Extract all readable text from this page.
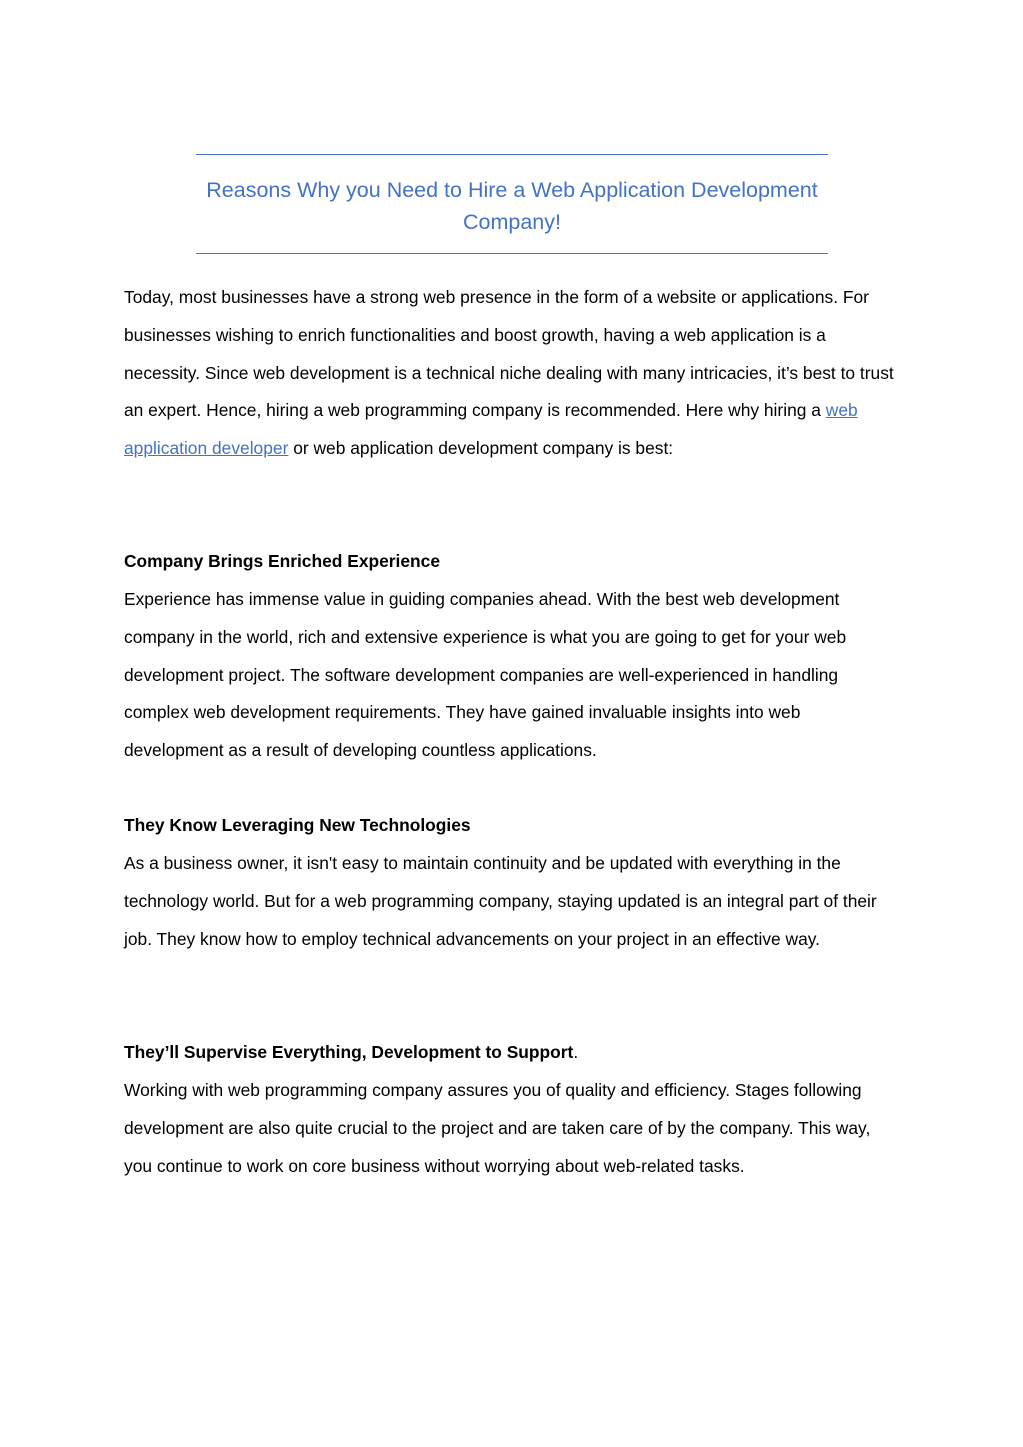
Reasons Why you Need to Hire a Web Application Development Company!

Today, most businesses have a strong web presence in the form of a website or applications. For businesses wishing to enrich functionalities and boost growth, having a web application is a necessity. Since web development is a technical niche dealing with many intricacies, it’s best to trust an expert. Hence, hiring a web programming company is recommended. Here why hiring a web application developer or web application development company is best:

Company Brings Enriched Experience

Experience has immense value in guiding companies ahead. With the best web development company in the world, rich and extensive experience is what you are going to get for your web development project. The software development companies are well-experienced in handling complex web development requirements. They have gained invaluable insights into web development as a result of developing countless applications.

They Know Leveraging New Technologies

As a business owner, it isn't easy to maintain continuity and be updated with everything in the technology world. But for a web programming company, staying updated is an integral part of their job. They know how to employ technical advancements on your project in an effective way.

They’ll Supervise Everything, Development to Support.

Working with web programming company assures you of quality and efficiency. Stages following development are also quite crucial to the project and are taken care of by the company. This way, you continue to work on core business without worrying about web-related tasks.
